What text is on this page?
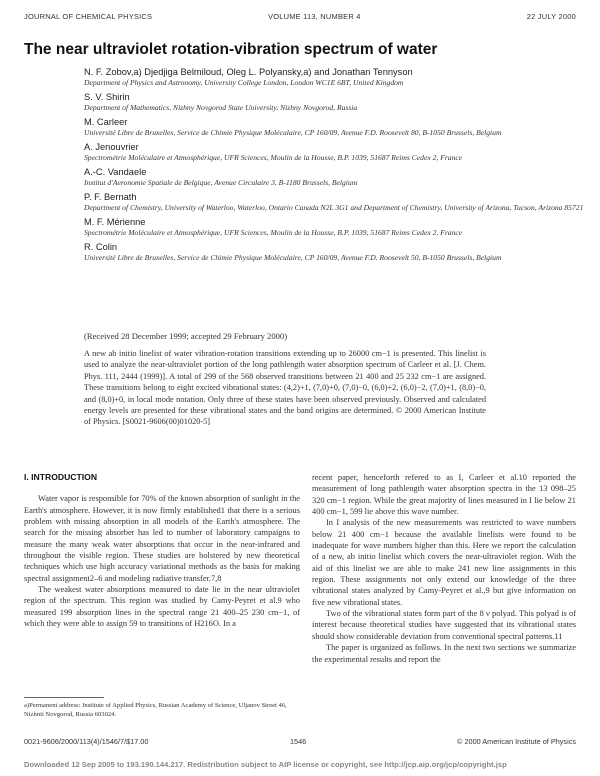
JOURNAL OF CHEMICAL PHYSICS	VOLUME 113, NUMBER 4	22 JULY 2000
The near ultraviolet rotation-vibration spectrum of water
N. F. Zobov,a) Djedjiga Belmiloud, Oleg L. Polyansky,a) and Jonathan Tennyson
Department of Physics and Astronomy, University College London, London WC1E 6BT, United Kingdom
S. V. Shirin
Department of Mathematics, Nizhny Novgorod State University, Nizhny Novgorod, Russia
M. Carleer
Université Libre de Bruxelles, Service de Chimie Physique Moléculaire, CP 160/09, Avenue F.D. Roosevelt 80, B-1050 Brussels, Belgium
A. Jenouvrier
Spectrométrie Moléculaire et Atmosphérique, UFR Sciences, Moulin de la Housse, B.P. 1039, 51687 Reims Cedex 2, France
A.-C. Vandaele
Institut d'Aeronomie Spatiale de Belgique, Avenue Circulaire 3, B-1180 Brussels, Belgium
P. F. Bernath
Department of Chemistry, University of Waterloo, Waterloo, Ontario Canada N2L 3G1 and Department of Chemistry, University of Arizona, Tucson, Arizona 85721
M. F. Mérienne
Spectrométrie Moléculaire et Atmosphérique, UFR Sciences, Moulin de la Housse, B.P. 1039, 51687 Reims Cedex 2, France
R. Colin
Université Libre de Bruxelles, Service de Chimie Physique Moléculaire, CP 160/09, Avenue F.D. Roosevelt 50, B-1050 Brussels, Belgium
(Received 28 December 1999; accepted 29 February 2000)
A new ab initio linelist of water vibration-rotation transitions extending up to 26000 cm−1 is presented. This linelist is used to analyze the near-ultraviolet portion of the long pathlength water absorption spectrum of Carleer et al. [J. Chem. Phys. 111, 2444 (1999)]. A total of 299 of the 568 observed transitions between 21 400 and 25 232 cm−1 are assigned. These transitions belong to eight excited vibrational states: (4,2)+1, (7,0)+0, (7,0)−0, (6,0)+2, (6,0)−2, (7,0)+1, (8,0)−0, and (8,0)+0, in local mode notation. Only three of these states have been observed previously. Observed and calculated energy levels are presented for these vibrational states and the band origins are determined. © 2000 American Institute of Physics. [S0021-9606(00)01020-5]
I. INTRODUCTION

Water vapor is responsible for 70% of the known absorption of sunlight in the Earth's atmosphere. However, it is now firmly established1 that there is a serious problem with missing absorption in all models of the Earth's atmosphere. The search for the missing absorber has led to number of laboratory campaigns to measure the many weak water absorptions that occur in the near-infrared and throughout the visible region. These studies are bolstered by new theoretical techniques which use high accuracy variational methods as the basis for making spectral assignment2–6 and modeling radiative transfer.7,8

The weakest water absorptions measured to date lie in the near ultraviolet region of the spectrum. This region was studied by Camy-Peyret et al.9 who measured 199 absorption lines in the spectral range 21 400–25 230 cm−1, of which they were able to assign 59 to transitions of H216O. In a

a)Permanent address: Institute of Applied Physics, Russian Academy of Science, Uljanov Street 46, Nizhnii Novgorod, Russia 603024.

recent paper, henceforth refered to as I, Carleer et al.10 reported the measurement of long pathlength water absorption spectra in the 13 098–25 320 cm−1 region. While the great majority of lines measured in I lie below 21 400 cm−1, 599 lie above this wave number.

In I analysis of the new measurements was restricted to wave numbers below 21 400 cm−1 because the available linelists were found to be inadequate for wave numbers higher than this. Here we report the calculation of a new, ab initio linelist which covers the near-ultraviolet region. With the aid of this linelist we are able to make 241 new line assignments in this region. These assignments not only extend our knowledge of the three vibrational states analyzed by Camy-Peyret et al.,9 but give information on five new vibrational states.

Two of the vibrational states form part of the 8 ν polyad. This polyad is of interest because theoretical studies have suggested that its vibrational states should show considerable deviation from conventional spectral patterns.11

The paper is organized as follows. In the next two sections we summarize the experimental results and report the

0021-9606/2000/113(4)/1546/7/$17.00	1546	© 2000 American Institute of Physics
Downloaded 12 Sep 2005 to 193.190.144.217. Redistribution subject to AIP license or copyright, see http://jcp.aip.org/jcp/copyright.jsp
